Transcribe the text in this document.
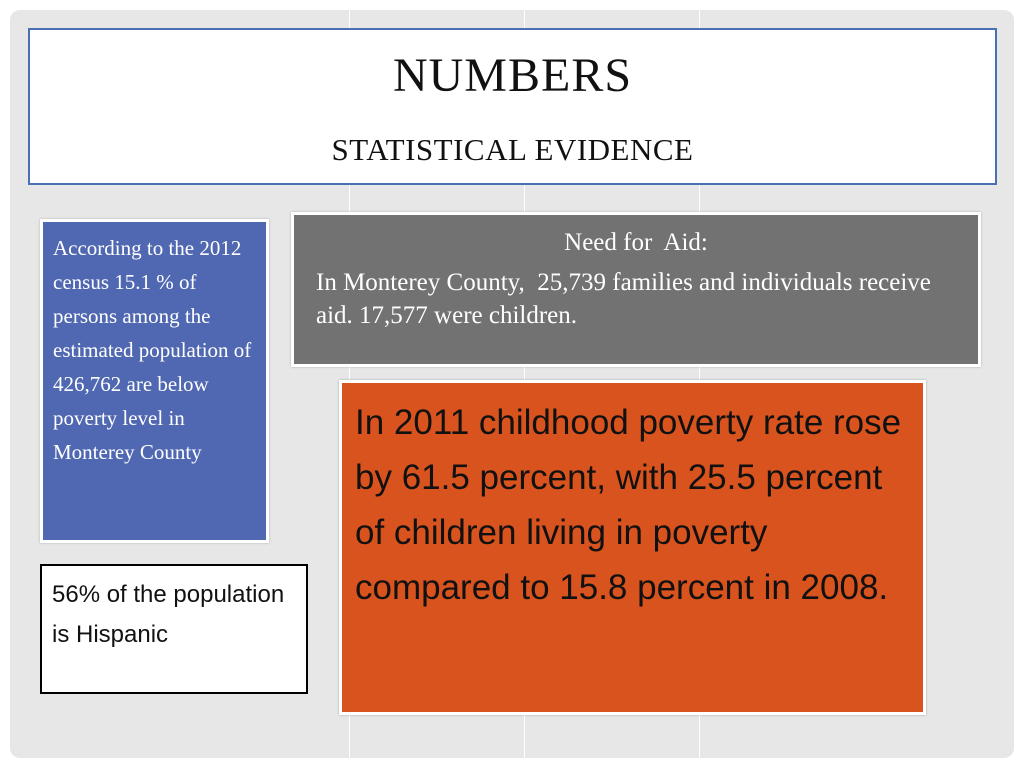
NUMBERS
STATISTICAL EVIDENCE
According to the 2012 census 15.1 % of persons among the estimated population of 426,762 are below poverty level in Monterey County
56% of the population is Hispanic
Need for  Aid:
In Monterey County,  25,739 families and individuals receive aid. 17,577 were children.
In 2011 childhood poverty rate rose by 61.5 percent, with 25.5 percent of children living in poverty compared to 15.8 percent in 2008.
